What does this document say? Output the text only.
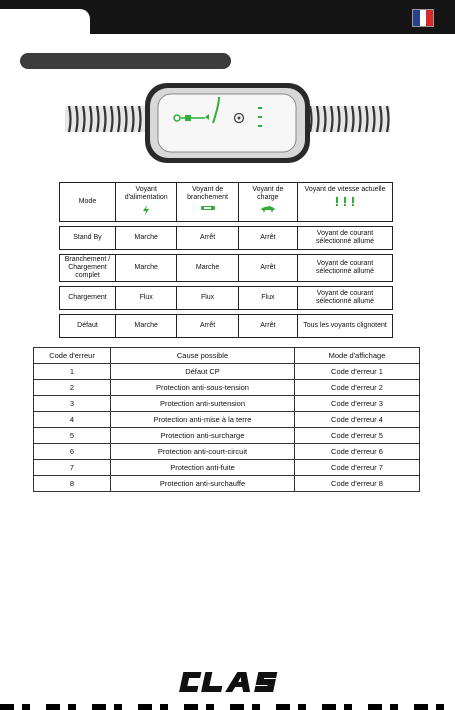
Mode	Voyant d'alimentation	Voyant de branchement	Voyant de charge	Voyant de vitesse actuelle

Stand By	Marche	Arrêt	Arrêt	Voyant de courant sélectionné allumé

Branchement / Chargement complet	Marche	Marche	Arrêt	Voyant de courant sélectionné allumé

Chargement	Flux	Flux	Flux	Voyant de courant sélectionné allumé

Défaut	Marche	Arrêt	Arrêt	Tous les voyants clignotent
Code d'erreur	Cause possible	Mode d'affichage
1	Défaut CP	Code d'erreur 1
2	Protection anti-sous-tension	Code d'erreur 2
3	Protection anti-surtension	Code d'erreur 3
4	Protection anti-mise à la terre	Code d'erreur 4
5	Protection anti-surcharge	Code d'erreur 5
6	Protection anti-court-circuit	Code d'erreur 6
7	Protection anti-fuite	Code d'erreur 7
8	Protection anti-surchauffe	Code d'erreur 8
